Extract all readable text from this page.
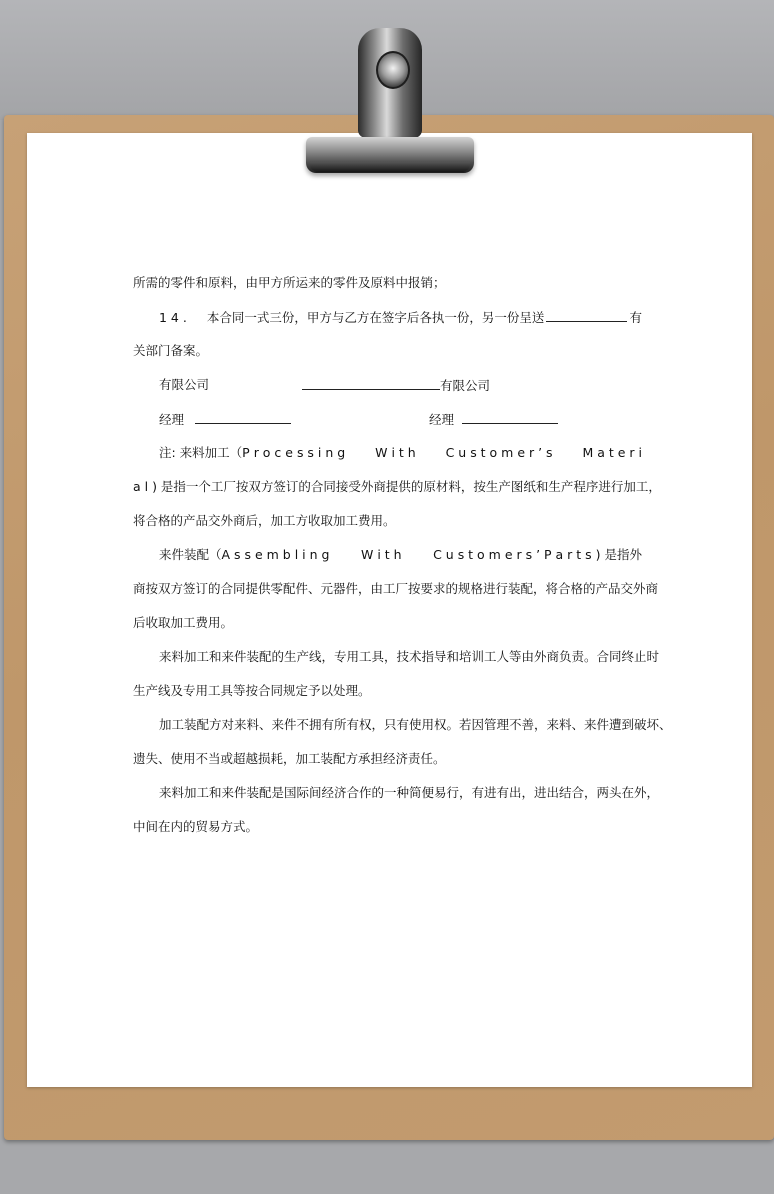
所需的零件和原料，由甲方所运来的零件及原料中报销；
1 4 . 本合同一式三份，甲方与乙方在签字后各执一份，另一份呈送	有
关部门备案。
有限公司	有限公司
经理	经理
注: 来料加工（P r o c e s s i n g W i t h C u s t o m e r ’ s M a t e r i
a l ) 是指一个工厂按双方签订的合同接受外商提供的原材料，按生产图纸和生产程序进行加工，
将合格的产品交外商后，加工方收取加工费用。
来件装配（A s s e m b l i n g	W i t h	C u s t o m e r s ’ P a r t s ) 是指外
商按双方签订的合同提供零配件、元器件，由工厂按要求的规格进行装配，将合格的产品交外商
后收取加工费用。
来料加工和来件装配的生产线，专用工具，技术指导和培训工人等由外商负责。合同终止时
生产线及专用工具等按合同规定予以处理。
加工装配方对来料、来件不拥有所有权，只有使用权。若因管理不善，来料、来件遭到破坏、
遗失、使用不当或超越损耗，加工装配方承担经济责任。
来料加工和来件装配是国际间经济合作的一种简便易行，有进有出，进出结合，两头在外，
中间在内的贸易方式。
